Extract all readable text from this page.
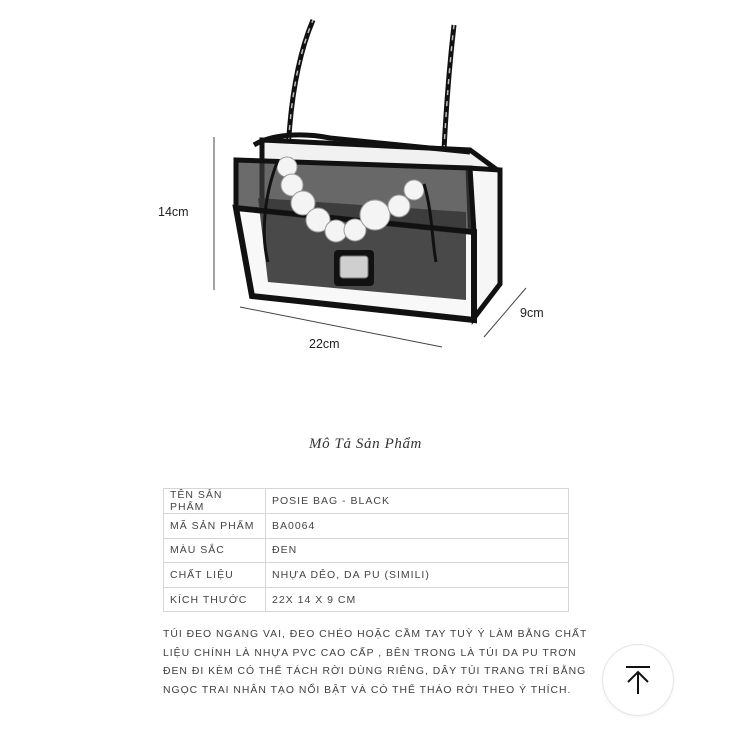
14cm
22cm
9cm
Mô Tả Sản Phẩm
TÊN SẢN PHẨM	POSIE BAG - BLACK
MÃ SẢN PHẨM	BA0064
MÀU SẮC	ĐEN
CHẤT LIỆU	NHỰA DẺO, DA PU (SIMILI)
KÍCH THƯỚC	22X 14 X 9 CM
TÚI ĐEO NGANG VAI, ĐEO CHÉO HOẶC CẦM TAY TUỲ Ý LÀM BẰNG CHẤT LIỆU CHÍNH LÀ NHỰA PVC CAO CẤP , BÊN TRONG LÀ TÚI DA PU TRƠN ĐEN ĐI KÈM CÓ THỂ TÁCH RỜI DÙNG RIÊNG, DÂY TÚI TRANG TRÍ BẰNG NGỌC TRAI NHÂN TẠO NỔI BẬT VÀ CÓ THỂ THÁO RỜI THEO Ý THÍCH.
